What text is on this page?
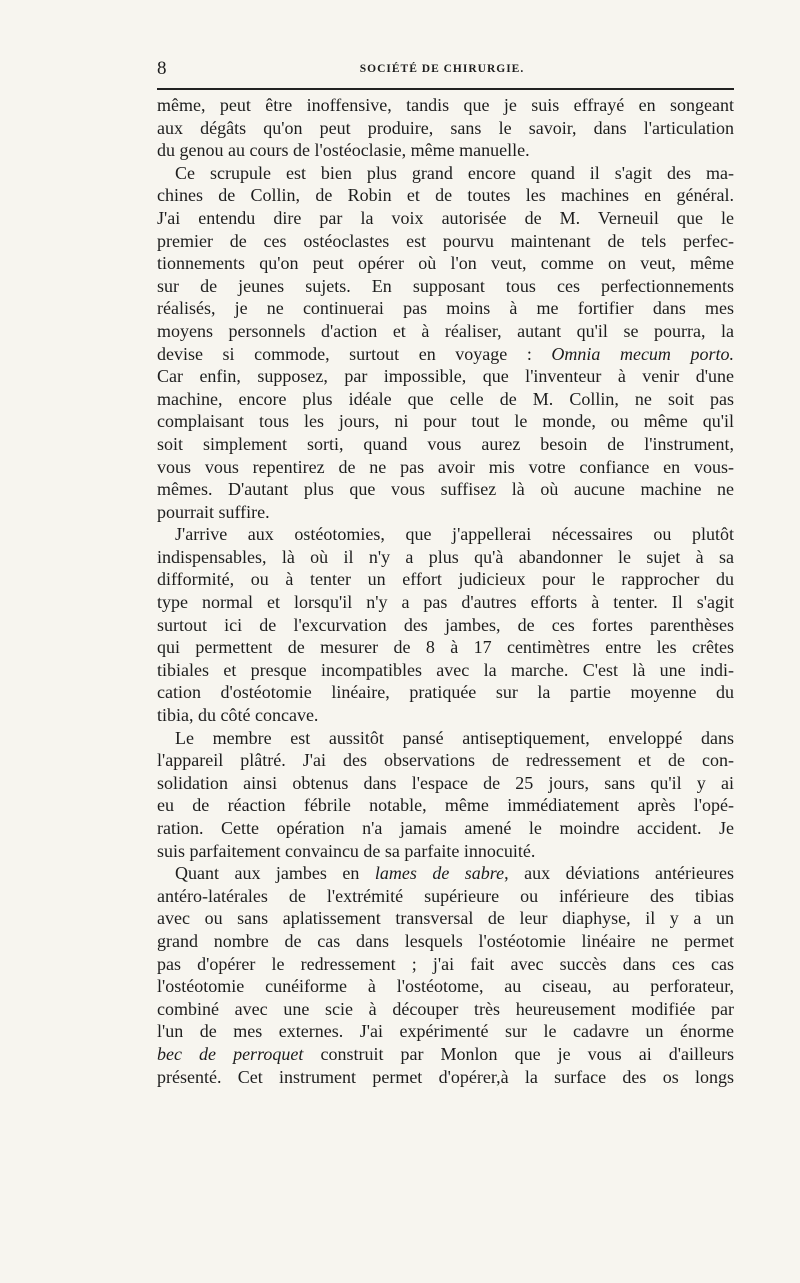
8	SOCIÉTÉ DE CHIRURGIE.
même, peut être inoffensive, tandis que je suis effrayé en songeant
aux dégâts qu'on peut produire, sans le savoir, dans l'articulation
du genou au cours de l'ostéoclasie, même manuelle.
Ce scrupule est bien plus grand encore quand il s'agit des ma-
chines de Collin, de Robin et de toutes les machines en général.
J'ai entendu dire par la voix autorisée de M. Verneuil que le
premier de ces ostéoclastes est pourvu maintenant de tels perfec-
tionnements qu'on peut opérer où l'on veut, comme on veut, même
sur de jeunes sujets. En supposant tous ces perfectionnements
réalisés, je ne continuerai pas moins à me fortifier dans mes
moyens personnels d'action et à réaliser, autant qu'il se pourra, la
devise si commode, surtout en voyage : Omnia mecum porto.
Car enfin, supposez, par impossible, que l'inventeur à venir d'une
machine, encore plus idéale que celle de M. Collin, ne soit pas
complaisant tous les jours, ni pour tout le monde, ou même qu'il
soit simplement sorti, quand vous aurez besoin de l'instrument,
vous vous repentirez de ne pas avoir mis votre confiance en vous-
mêmes. D'autant plus que vous suffisez là où aucune machine ne
pourrait suffire.
J'arrive aux ostéotomies, que j'appellerai nécessaires ou plutôt
indispensables, là où il n'y a plus qu'à abandonner le sujet à sa
difformité, ou à tenter un effort judicieux pour le rapprocher du
type normal et lorsqu'il n'y a pas d'autres efforts à tenter. Il s'agit
surtout ici de l'excurvation des jambes, de ces fortes parenthèses
qui permettent de mesurer de 8 à 17 centimètres entre les crêtes
tibiales et presque incompatibles avec la marche. C'est là une indi-
cation d'ostéotomie linéaire, pratiquée sur la partie moyenne du
tibia, du côté concave.
Le membre est aussitôt pansé antiseptiquement, enveloppé dans
l'appareil plâtré. J'ai des observations de redressement et de con-
solidation ainsi obtenus dans l'espace de 25 jours, sans qu'il y ai
eu de réaction fébrile notable, même immédiatement après l'opé-
ration. Cette opération n'a jamais amené le moindre accident. Je
suis parfaitement convaincu de sa parfaite innocuité.
Quant aux jambes en lames de sabre, aux déviations antérieures
antéro-latérales de l'extrémité supérieure ou inférieure des tibias
avec ou sans aplatissement transversal de leur diaphyse, il y a un
grand nombre de cas dans lesquels l'ostéotomie linéaire ne permet
pas d'opérer le redressement ; j'ai fait avec succès dans ces cas
l'ostéotomie cunéiforme à l'ostéotome, au ciseau, au perforateur,
combiné avec une scie à découper très heureusement modifiée par
l'un de mes externes. J'ai expérimenté sur le cadavre un énorme
bec de perroquet construit par Monlon que je vous ai d'ailleurs
présenté. Cet instrument permet d'opérer,à la surface des os longs
